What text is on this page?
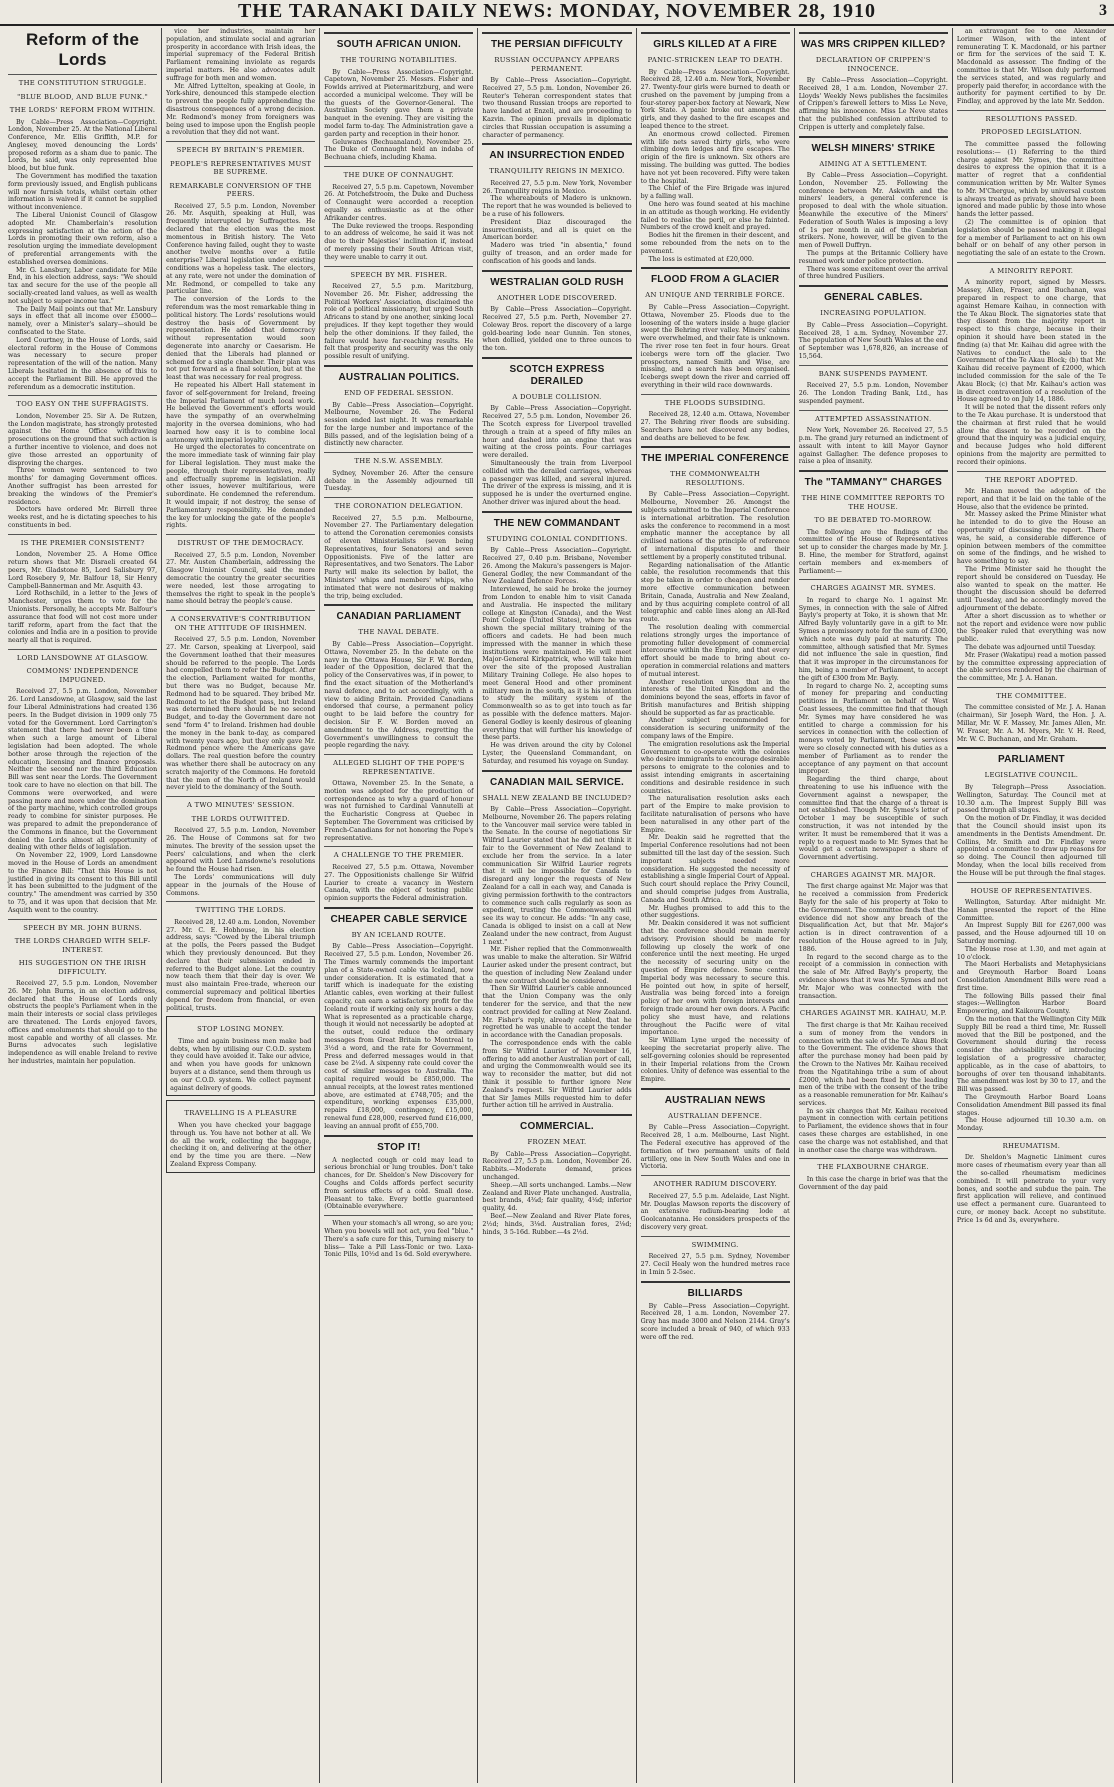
THE TARANAKI DAILY NEWS: MONDAY, NOVEMBER 28, 1910	3
Reform of the Lords
THE CONSTITUTION STRUGGLE.
"BLUE BLOOD, AND BLUE FUNK."
THE LORDS' REFORM FROM WITHIN.

By Cable—Press Association—Copyright. London, November 25. At the National Liberal Conference, Mr. Ellis Griffith, M.P. for Anglesey, moved denouncing the Lords' proposed reform as a sham due to panic. The Lords, he said, was only represented blue blood, but blue funk.

The Government has modified the taxation form previously issued, and English publicans will now furnish totals, whilst certain other information is waived if it cannot be supplied without inconvenience.

The Liberal Unionist Council of Glasgow adopted Mr. Chamberlain's resolution expressing satisfaction at the action of the Lords in promoting their own reform, also a resolution urging the immediate development of preferential arrangements with the established oversea dominions.

Mr. G. Lansbury, Labor candidate for Mile End, in his election address, says: "We should tax and secure for the use of the people all socially-created land values, as well as wealth not subject to super-income tax."

The Daily Mail points out that Mr. Lansbury says in effect that all income over £5000—namely, over a Minister's salary—should be confiscated to the State.

Lord Courtney, in the House of Lords, said electoral reform in the House of Commons was necessary to secure proper representation of the will of the nation. Many Liberals hesitated in the absence of this to accept the Parliament Bill. He approved the referendum as a democratic institution.

TOO EASY ON THE SUFFRAGISTS.

London, November 25. Sir A. De Rutzen, the London magistrate, has strongly protested against the Home Office withdrawing prosecutions on the ground that such action is a further incentive to violence, and does not give those arrested an opportunity of disproving the charges.

Three women were sentenced to two months' for damaging Government offices. Another suffragist has been arrested for breaking the windows of the Premier's residence.

Doctors have ordered Mr. Birrell three weeks rest, and he is dictating speeches to his constituents in bed.

IS THE PREMIER CONSISTENT?

London, November 25. A Home Office return shows that Mr. Disraeli created 64 peers, Mr. Gladstone 85, Lord Salisbury 97, Lord Rosebery 9, Mr. Balfour 18, Sir Henry Campbell-Bannerman and Mr. Asquith 43.

Lord Rothschild, in a letter to the Jews of Manchester, urges them to vote for the Unionists. Personally, he accepts Mr. Balfour's assurance that food will not cost more under tariff reform, apart from the fact that the colonies and India are in a position to provide nearly all that is required.

LORD LANSDOWNE AT GLASGOW.
COMMONS' INDEPENDENCE IMPUGNED.

Received 27, 5.5 p.m. London, November 26. Lord Lansdowne, at Glasgow, said the last four Liberal Administrations had created 136 peers. In the Budget division in 1909 only 75 voted for the Government. Lord Carrington's statement that there had never been a time when such a large amount of Liberal legislation had been adopted. The whole bother arose through the rejection of the education, licensing and finance proposals. Neither the second nor the third Education Bill was sent near the Lords. The Government took care to have no election on that bill. The Commons were overworked, and were passing more and more under the domination of the party machine, which controlled groups ready to combine for sinister purposes. He was prepared to admit the preponderance of the Commons in finance, but the Government denied the Lords almost all opportunity of dealing with other fields of legislation.

On November 22, 1909, Lord Lansdowne moved in the House of Lords an amendment to the Finance Bill: "That this House is not justified in giving its consent to this Bill until it has been submitted to the judgment of the country." The amendment was carried by 350 to 75, and it was upon that decision that Mr. Asquith went to the country.

SPEECH BY MR. JOHN BURNS.
THE LORDS CHARGED WITH SELF-INTEREST.
HIS SUGGESTION ON THE IRISH DIFFICULTY.

Received 27, 5.5 p.m. London, November 26. Mr. John Burns, in an election address, declared that the House of Lords only obstructs the people's Parliament when in the main their interests or social class privileges are threatened. The Lords enjoyed favors, offices and emoluments that should go to the most capable and worthy of all classes. Mr. Burns advocates such legislative independence as will enable Ireland to revive her industries, maintain her population.

vice her industries, maintain her population, and stimulate social and agrarian prosperity in accordance with Irish ideas, the imperial supremacy of the Federal British Parliament remaining inviolate as regards imperial matters. He also advocates adult suffrage for both men and women.

Mr. Alfred Lyttelton, speaking at Goole, in York-shire, denounced this stampede election to prevent the people fully apprehending the disastrous consequences of a wrong decision. Mr. Redmond's money from foreigners was being used to impose upon the English people a revolution that they did not want.

SPEECH BY BRITAIN'S PREMIER.
PEOPLE'S REPRESENTATIVES MUST BE SUPREME.
REMARKABLE CONVERSION OF THE PEERS.

Received 27, 5.5 p.m. London, November 26. Mr. Asquith, speaking at Hull, was frequently interrupted by Suffragettes. He declared that the election was the most momentous in British history. The Veto Conference having failed, ought they to waste another twelve months over a futile enterprise? Liberal legislation under existing conditions was a hopeless task. The electors, at any rate, were not under the domination of Mr. Redmond, or compelled to take any particular line.

The conversion of the Lords to the referendum was the most remarkable thing in political history. The Lords' resolutions would destroy the basis of Government by representation. He added that democracy without representation would soon degenerate into anarchy or Caesarism. He denied that the Liberals had planned or schemed for a single chamber. Their plan was not put forward as a final solution, but at the least that was necessary for real progress.

He repeated his Albert Hall statement in favor of self-government for Ireland, freeing the Imperial Parliament of much local work. He believed the Government's efforts would have the sympathy of an overwhelming majority in the oversea dominions, who had learned how easy it is to combine local autonomy with imperial loyalty.

He urged the electorates to concentrate on the more immediate task of winning fair play for Liberal legislation. They must make the people, through their representatives, really and effectually supreme in legislation. All other issues, however multifarious, were subordinate. He condemned the referendum. It would impair, if not destroy, the sense of Parliamentary responsibility. He demanded the key for unlocking the gate of the people's rights.

DISTRUST OF THE DEMOCRACY.

Received 27, 5.5 p.m. London, November 27. Mr. Austen Chamberlain, addressing the Glasgow Unionist Council, said the more democratic the country the greater securities were needed, lest those arrogating to themselves the right to speak in the people's name should betray the people's cause.

A CONSERVATIVE'S CONTRIBUTION ON THE ATTITUDE OF IRISHMEN.

Received 27, 5.5 p.m. London, November 27. Mr. Carson, speaking at Liverpool, said the Government loathed that their measures should be referred to the people. The Lords had compelled them to refer the Budget. After the election, Parliament waited for months, but there was no Budget, because Mr. Redmond had to be squared. They bribed Mr. Redmond to let the Budget pass, but Ireland was determined there should be no second Budget, and to-day the Government dare not send "form 4" to Ireland. Irishmen had double the money in the bank to-day, as compared with twenty years ago, but they only gave Mr. Redmond pence where the Americans gave dollars. The real question before the country was whether there shall be autocracy on any scratch majority of the Commons. He foretold that the men of the North of Ireland would never yield to the dominancy of the South.

A TWO MINUTES' SESSION.
THE LORDS OUTWITTED.

Received 27, 5.5 p.m. London, November 26. The House of Commons sat for two minutes. The brevity of the session upset the Peers' calculations, and when the clerk appeared with Lord Lansdowne's resolutions he found the House had risen.

The Lords' communications will duly appear in the journals of the House of Commons.

TWITTING THE LORDS.

Received 28, 12.40 a.m. London, November 27. Mr. C. E. Hobhouse, in his election address, says: "Cowed by the Liberal triumph at the polls, the Peers passed the Budget which they previously denounced. But they declare that their submission ended in referred to the Budget alone. Let the country now teach them that their day is over. We must also maintain Free-trade, whereon our commercial supremacy and political liberties depend for freedom from financial, or even political, trusts.

STOP LOSING MONEY.

Time and again business men make bad debts, when by utilising our C.O.D. system they could have avoided it. Take our advice, and when you have goods for unknown buyers at a distance, send them through us on our C.O.D. system. We collect payment against delivery of goods.

TRAVELLING IS A PLEASURE

When you have checked your baggage through us. You have not bother at all. We do all the work, collecting the baggage, checking it on, and delivering at the other end by the time you are there. —New Zealand Express Company.

SOUTH AFRICAN UNION.
THE TOURING NOTABILITIES.

By Cable—Press Association—Copyright. Capetown, November 25. Messrs. Fisher and Fowlds arrived at Pietermaritzburg, and were accorded a municipal welcome. They will be the guests of the Governor-General. The Australian Society gave them a private banquet in the evening. They are visiting the model farm to-day. The Administration gave a garden party and reception in their honor.

Geluwanes (Bechuanaland), November 25. The Duke of Connaught held an indaba of Bechuana chiefs, including Khama.

THE DUKE OF CONNAUGHT.

Received 27, 5.5 p.m. Capetown, November 26. At Potchefstroom, the Duke and Duchess of Connaught were accorded a reception equally as enthusiastic as at the other Afrikander centres.

The Duke reviewed the troops. Responding to an address of welcome, he said it was not due to their Majesties' inclination if, instead of merely passing their South African visit, they were unable to carry it out.

SPEECH BY MR. FISHER.

Received 27, 5.5 p.m. Maritzburg, November 26. Mr. Fisher, addressing the Political Workers' Association, disclaimed the role of a political missionary, but urged South Africans to stand by one another, sinking local prejudices. If they kept together they would help the other dominions. If they failed, the failure would have far-reaching results. He felt that prosperity and security was the only possible result of unifying.

AUSTRALIAN POLITICS.
END OF FEDERAL SESSION.

By Cable—Press Association—Copyright. Melbourne, November 26. The Federal session ended last night. It was remarkable for the large number and importance of the Bills passed, and of the legislation being of a distinctly new character.

THE N.S.W. ASSEMBLY.

Sydney, November 26. After the censure debate in the Assembly adjourned till Tuesday.

THE CORONATION DELEGATION.

Received 27, 5.5 p.m. Melbourne, November 27. The Parliamentary delegation to attend the Coronation ceremonies consists of eleven Ministerialists (seven being Representatives, four Senators) and seven Oppositionists. Five of the latter are Representatives, and two Senators. The Labor Party will make its selection by ballot, the Ministers' whips and members' whips, who intimated that were not desirous of making the trip, being excluded.

CANADIAN PARLIAMENT
THE NAVAL DEBATE.

By Cable—Press Association—Copyright. Ottawa, November 25. In the debate on the navy in the Ottawa House, Sir F. W. Borden, leader of the Opposition, declared that the policy of the Conservatives was, if in power, to find the exact situation of the Motherland's naval defence, and to act accordingly, with a view to aiding Britain. Provided Canadians endorsed that course, a permanent policy ought to be laid before the country for decision. Sir F. W. Borden moved an amendment to the Address, regretting the Government's unwillingness to consult the people regarding the navy.

ALLEGED SLIGHT OF THE POPE'S REPRESENTATIVE.

Ottawa, November 25. In the Senate, a motion was adopted for the production of correspondence as to why a guard of honour was not furnished to Cardinal Vannutelli at the Eucharistic Congress at Quebec in September. The Government was criticised by French-Canadians for not honoring the Pope's representative.

A CHALLENGE TO THE PREMIER.

Received 27, 5.5 p.m. Ottawa, November 27. The Oppositionists challenge Sir Wilfrid Laurier to create a vacancy in Western Canada, with the object of testing public opinion supports the Federal administration.

CHEAPER CABLE SERVICE
BY AN ICELAND ROUTE.

By Cable—Press Association—Copyright. Received 27, 5.5 p.m. London, November 26. The Times warmly commends the important plan of a State-owned cable via Iceland, now under consideration. It is estimated that a tariff which is inadequate for the existing Atlantic cables, even working at their fullest capacity, can earn a satisfactory profit for the Iceland route if working only six hours a day. What is represented as a practicable charge, though it would not necessarily be adopted at the outset, could reduce the ordinary messages from Great Britain to Montreal to 3½d a word, and the rate for Government, Press and deferred messages would in that case be 2¼d. A sixpenny rate could cover the cost of similar messages to Australia. The capital required would be £850,000. The annual receipts, at the lowest rates mentioned above, are estimated at £748,705; and the expenditure, working expenses £35,000, repairs £18,000, contingency, £15,000, renewal fund £28,000, reserved fund £16,000, leaving an annual profit of £55,700.

STOP IT!

A neglected cough or cold may lead to serious bronchial or lung troubles. Don't take chances, for Dr. Sheldon's New Discovery for Coughs and Colds affords perfect security from serious effects of a cold. Small dose. Pleasant to take. Every bottle guaranteed (Obtainable everywhere.

When your stomach's all wrong, so are you; When you bowels will not act, you feel "blue." There's a safe cure for this, Turning misery to bliss— Take a Pill Lass-Tonic or two. Laxa-Tonic Pills, 10½d and 1s 6d. Sold everywhere.

THE PERSIAN DIFFICULTY
RUSSIAN OCCUPANCY APPEARS PERMANENT.

By Cable—Press Association—Copyright. Received 27, 5.5 p.m. London, November 26. Reuter's Teheran correspondent states that two thousand Russian troops are reported to have landed at Enzeli, and are proceeding to Kazvin. The opinion prevails in diplomatic circles that Russian occupation is assuming a character of permanency.

AN INSURRECTION ENDED
TRANQUILITY REIGNS IN MEXICO.

Received 27, 5.5 p.m. New York, November 26. Tranquility reigns in Mexico.

The whereabouts of Madero is unknown. The report that he was wounded is believed to be a ruse of his followers.

President Diaz discouraged the insurrectionists, and all is quiet on the American border.

Madero was tried "in absentia," found guilty of treason, and an order made for confiscation of his goods and lands.

WESTRALIAN GOLD RUSH
ANOTHER LODE DISCOVERED.

By Cable—Press Association—Copyright. Received 27, 5.5 p.m. Perth, November 27. Coleway Bros. report the discovery of a large gold-bearing lode near Gunnin. Ten stones, when dollied, yielded one to three ounces to the ton.

SCOTCH EXPRESS DERAILED
A DOUBLE COLLISION.

By Cable—Press Association—Copyright. Received 27, 5.5 p.m. London, November 26. The Scotch express for Liverpool travelled through a train at a speed of fifty miles an hour and dashed into an engine that was waiting at the cross points. Four carriages were derailed.

Simultaneously the train from Liverpool collided with the derailed carriages, whereas a passenger was killed, and several injured. The driver of the express is missing, and it is supposed he is under the overturned engine. Another driver was injured about the head.

THE NEW COMMANDANT
STUDYING COLONIAL CONDITIONS.

By Cable—Press Association—Copyright. Received 27, 0.40 p.m. Brisbane, November 26. Among the Makura's passengers is Major-General Godley, the new Commandant of the New Zealand Defence Forces.

Interviewed, he said he broke the journey from London to enable him to visit Canada and Australia. He inspected the military college at Kingston (Canada), and the West Point College (United States), where he was shown the special military training of the officers and cadets. He had been much impressed with the manner in which these institutions were maintained. He will meet Major-General Kirkpatrick, who will take him over the site of the proposed Australian Military Training College. He also hopes to meet General Hood and other prominent military men in the south, as it is his intention to study the military system of the Commonwealth so as to get into touch as far as possible with the defence matters. Major-General Godley is keenly desirous of gleaning everything that will further his knowledge of these parts.

He was driven around the city by Colonel Lyster, the Queensland Commandant, on Saturday, and resumed his voyage on Sunday.

CANADIAN MAIL SERVICE.
SHALL NEW ZEALAND BE INCLUDED?

By Cable—Press Association—Copyright. Melbourne, November 26. The papers relating to the Vancouver mail service were tabled in the Senate. In the course of negotiations Sir Wilfrid Laurier stated that he did not think it fair to the Government of New Zealand to exclude her from the service. In a later communication Sir Wilfrid Laurier regrets that it will be impossible for Canada to disregard any longer the requests of New Zealand for a call in each way, and Canada is giving permission forthwith to the contractors to commence such calls regularly as soon as expedient, trusting the Commonwealth will see its way to concur. He adds: "In any case, Canada is obliged to insist on a call at New Zealand under the new contract, from August 1 next."

Mr. Fisher replied that the Commonwealth was unable to make the alteration. Sir Wilfrid Laurier asked under the present contract, but the question of including New Zealand under the new contract should be considered.

Then Sir Wilfrid Laurier's cable announced that the Union Company was the only tenderer for the service, and that the new contract provided for calling at New Zealand. Mr. Fisher's reply, already cabled, that he regretted he was unable to accept the tender in accordance with the Canadian proposals.

The correspondence ends with the cable from Sir Wilfrid Laurier of November 16, offering to add another Australian port of call, and urging the Commonwealth would see its way to reconsider the matter, but did not think it possible to further ignore New Zealand's request. Sir Wilfrid Laurier adds that Sir James Mills requested him to defer further action till he arrived in Australia.

COMMERCIAL.
FROZEN MEAT.

By Cable—Press Association—Copyright. Received 27, 5.5 p.m. London, November 26. Rabbits.—Moderate demand, prices unchanged.

Sheep.—All sorts unchanged. Lambs.—New Zealand and River Plate unchanged. Australia, best brands, 4¾d; fair quality, 4¼d; inferior quality, 4d.

Beef.—New Zealand and River Plate fores, 2½d; hinds, 3⅛d. Australian fores, 2⅛d; hinds, 3 5-16d. Rubber.—4s 2½d.

GIRLS KILLED AT A FIRE
PANIC-STRICKEN LEAP TO DEATH.

By Cable—Press Association—Copyright. Received 28, 12.40 a.m. New York, November 27. Twenty-four girls were burned to death or crushed on the pavement by jumping from a four-storey paper-box factory at Newark, New York State. A panic broke out amongst the girls, and they dashed to the fire escapes and leaped thence to the street.

An enormous crowd collected. Firemen with life nets saved thirty girls, who were climbing down ledges and fire escapes. The origin of the fire is unknown. Six others are missing. The building was gutted. The bodies have not yet been recovered. Fifty were taken to the hospital.

The Chief of the Fire Brigade was injured by a falling wall.

One hero was found seated at his machine in an attitude as though working. He evidently failed to realise the peril, or else he fainted. Numbers of the crowd knelt and prayed.

Bodies hit the firemen in their descent, and some rebounded from the nets on to the pavement.

The loss is estimated at £20,000.

FLOOD FROM A GLACIER
AN UNIQUE AND TERRIBLE FORCE.

By Cable—Press Association—Copyright. Ottawa, November 25. Floods due to the loosening of the waters inside a huge glacier swept the Behring river valley. Miners' cabins were overwhelmed, and their fate is unknown. The river rose ten feet in four hours. Great icebergs were torn off the glacier. Two prospectors, named Smith and Wise, are missing, and a search has been organised. Icebergs swept down the river and carried off everything in their wild race downwards.

THE FLOODS SUBSIDING.

Received 28, 12.40 a.m. Ottawa, November 27. The Behring river floods are subsiding. Searchers have not discovered any bodies, and deaths are believed to be few.

THE IMPERIAL CONFERENCE
THE COMMONWEALTH RESOLUTIONS.

By Cable—Press Association—Copyright. Melbourne, November 26. Amongst the subjects submitted to the Imperial Conference is international arbitration. The resolution asks the conference to recommend in a most emphatic manner the acceptance by all civilised nations of the principle of reference of international disputes to and their settlement by a properly constituted tribunal.

Regarding nationalisation of the Atlantic cable, the resolution recommends that this step be taken in order to cheapen and render more effective communication between Britain, Canada, Australia and New Zealand, and by thus acquiring complete control of all telegraphic and cable lines along an All-Red route.

The resolution dealing with commercial relations strongly urges the importance of promoting fuller development of commercial intercourse within the Empire, and that every effort should be made to bring about co-operation in commercial relations and matters of mutual interest.

Another resolution urges that in the interests of the United Kingdom and the dominions beyond the seas, efforts in favor of British manufactures and British shipping should be supported as far as practicable.

Another subject recommended for consideration is securing uniformity of the company laws of the Empire.

The emigration resolutions ask the Imperial Government to co-operate with the colonies who desire immigrants to encourage desirable persons to emigrate to the colonies and to assist intending emigrants in ascertaining conditions and desirable residence in such countries.

The naturalisation resolution asks each part of the Empire to make provision to facilitate naturalisation of persons who have been naturalised in any other part of the Empire.

Mr. Deakin said he regretted that the Imperial Conference resolutions had not been submitted till the last day of the session. Such important subjects needed more consideration. He suggested the necessity of establishing a single Imperial Court of Appeal. Such court should replace the Privy Council, and should comprise judges from Australia, Canada and South Africa.

Mr. Hughes promised to add this to the other suggestions.

Mr. Deakin considered it was not sufficient that the conference should remain merely advisory. Provision should be made for following up closely the work of one conference until the next meeting. He urged the necessity of securing unity on the question of Empire defence. Some central Imperial body was necessary to secure this. He pointed out how, in spite of herself, Australia was being forced into a foreign policy of her own with foreign interests and foreign trade around her own doors. A Pacific policy she must have, and relations throughout the Pacific were of vital importance.

Sir William Lyne urged the necessity of keeping the secretariat properly alive. The self-governing colonies should be represented in their Imperial relations from the Crown colonies. Unity of defence was essential to the Empire.

AUSTRALIAN NEWS
AUSTRALIAN DEFENCE.

By Cable—Press Association—Copyright. Received 28, 1 a.m. Melbourne, Last Night. The Federal executive has approved of the formation of two permanent units of field artillery, one in New South Wales and one in Victoria.

ANOTHER RADIUM DISCOVERY.

Received 27, 5.5 p.m. Adelaide, Last Night. Mr. Douglas Mawson reports the discovery of an extensive radium-bearing lode at Goolcanatanna. He considers prospects of the discovery very great.

SWIMMING.

Received 27, 5.5 p.m. Sydney, November 27. Cecil Healy won the hundred metres race in 1min 5 2-5sec.

BILLIARDS

By Cable—Press Association—Copyright. Received 28, 1 a.m. London, November 27. Gray has made 3000 and Nelson 2144. Gray's score included a break of 940, of which 933 were off the red.

WAS MRS CRIPPEN KILLED?
DECLARATION OF CRIPPEN'S INNOCENCE.

By Cable—Press Association—Copyright. Received 28, 1 a.m. London, November 27. Lloyds' Weekly News publishes the facsimiles of Crippen's farewell letters to Miss Le Neve, affirming his innocence. Miss Le Neve states that the published confession attributed to Crippen is utterly and completely false.

WELSH MINERS' STRIKE
AIMING AT A SETTLEMENT.

By Cable—Press Association—Copyright. London, November 25. Following the conference between Mr. Askwith and the miners' leaders, a general conference is proposed to deal with the whole situation. Meanwhile the executive of the Miners' Federation of South Wales is imposing a levy of 1s per month in aid of the Cambrian strikers. None, however, will be given to the men of Powell Duffryn.

The pumps at the Britannic Colliery have resumed work under police protection.

There was some excitement over the arrival of three hundred Fusiliers.

GENERAL CABLES.
INCREASING POPULATION.

By Cable—Press Association—Copyright. Received 28, 1 a.m. Sydney, November 27. The population of New South Wales at the end of September was 1,678,826, an increase of 15,564.

BANK SUSPENDS PAYMENT.

Received 27, 5.5 p.m. London, November 26. The London Trading Bank, Ltd., has suspended payment.

ATTEMPTED ASSASSINATION.

New York, November 26. Received 27, 5.5 p.m. The grand jury returned an indictment of assault with intent to kill Mayor Gaynor against Gallagher. The defence proposes to raise a plea of insanity.

The "TAMMANY" CHARGES
THE HINE COMMITTEE REPORTS TO THE HOUSE.
TO BE DEBATED TO-MORROW.

The following are the findings of the committee of the House of Representatives set up to consider the charges made by Mr. J. B. Hine, the member for Stratford, against certain members and ex-members of Parliament:—

CHARGES AGAINST MR. SYMES.

In regard to charge No. 1 against Mr. Symes, in connection with the sale of Alfred Bayly's property at Toko, it is shown that Mr. Alfred Bayly voluntarily gave in a gift to Mr. Symes a promissory note for the sum of £300, which note was duly paid at maturity. The committee, although satisfied that Mr. Symes did not influence the sale in question, find that it was improper in the circumstances for him, being a member of Parliament, to accept the gift of £300 from Mr. Bayly.

In regard to charge No. 2, accepting sums of money for preparing and conducting petitions in Parliament on behalf of West Coast lessees, the committee find that though Mr. Symes may have considered he was entitled to charge a commission for his services in connection with the collection of moneys voted by Parliament, these services were so closely connected with his duties as a member of Parliament as to render the acceptance of any payment on that account improper.

Regarding the third charge, about threatening to use his influence with the Government against a newspaper, the committee find that the charge of a threat is not established. Though Mr. Symes's letter of October 1 may be susceptible of such construction, it was not intended by the writer. It must be remembered that it was a reply to a request made to Mr. Symes that he would get a certain newspaper a share of Government advertising.

CHARGES AGAINST MR. MAJOR.

The first charge against Mr. Major was that he received a commission from Frederick Bayly for the sale of his property at Toko to the Government. The committee finds that the evidence did not show any breach of the Disqualification Act, but that Mr. Major's action is in direct contravention of a resolution of the House agreed to in July, 1886.

In regard to the second charge as to the receipt of a commission in connection with the sale of Mr. Alfred Bayly's property, the evidence shows that it was Mr. Symes and not Mr. Major who was connected with the transaction.

CHARGES AGAINST MR. KAIHAU, M.P.

The first charge is that Mr. Kaihau received a sum of money from the vendors in connection with the sale of the Te Akau Block to the Government. The evidence shows that after the purchase money had been paid by the Crown to the Natives Mr. Kaihau received from the Ngatitahinga tribe a sum of about £2000, which had been fixed by the leading men of the tribe with the consent of the tribe as a reasonable remuneration for Mr. Kaihau's services.

In so six charges that Mr. Kaihau received payment in connection with certain petitions to Parliament, the evidence shows that in four cases these charges are established, in one case the charge was not established, and that in another case the charge was withdrawn.

THE FLAXBOURNE CHARGE.

In this case the charge in brief was that the Government of the day paid

an extravagant fee to one Alexander Lorimer Wilson, with the intent of remunerating T. K. Macdonald, or his partner or firm for the services of the said T. K. Macdonald as assessor. The finding of the committee is that Mr. Wilson duly performed the services stated, and was regularly and properly paid therefor, in accordance with the authority for payment certified to by Dr. Findlay, and approved by the late Mr. Seddon.

RESOLUTIONS PASSED.
PROPOSED LEGISLATION.

The committee passed the following resolutions:— (1) Referring to the third charge against Mr. Symes, the committee desires to express the opinion that it is a matter of regret that a confidential communication written by Mr. Walter Symes to Mr. M'Chergue, which by universal custom is always treated as private, should have been ignored and made public by those into whose hands the letter passed.

(2) The committee is of opinion that legislation should be passed making it illegal for a member of Parliament to act on his own behalf or on behalf of any other person in negotiating the sale of an estate to the Crown.

A MINORITY REPORT.

A minority report, signed by Messrs. Massey, Allen, Fraser, and Buchanan, was prepared in respect to one charge, that against Hemare Kaihau, in connection with the Te Akau Block. The signatories state that they dissent from the majority report in respect to this charge, because in their opinion it should have been stated in the finding (a) that Mr. Kaihau did agree with the Natives to conduct the sale to the Government of the Te Akau Block; (b) that Mr. Kaihau did receive payment of £2000, which included commission for the sale of the Te Akau Block; (c) that Mr. Kaihau's action was in direct contravention of a resolution of the House agreed to on July 14, 1886.

It will be noted that the dissent refers only to the Te Akau purchase. It is understood that the chairman at first ruled that he would allow the dissent to be recorded on the ground that the inquiry was a judicial enquiry, and because Judges who hold different opinions from the majority are permitted to record their opinions.

THE REPORT ADOPTED.

Mr. Hanan moved the adoption of the report, and that it be laid on the table of the House, also that the evidence be printed.

Mr. Massey asked the Prime Minister what he intended to do to give the House an opportunity of discussing the report. There was, he said, a considerable difference of opinion between members of the committee on some of the findings, and he wished to have something to say.

The Prime Minister said he thought the report should be considered on Tuesday. He also wanted to speak on the matter. He thought the discussion should be deferred until Tuesday, and he accordingly moved the adjournment of the debate.

After a short discussion as to whether or not the report and evidence were now public the Speaker ruled that everything was now public.

The debate was adjourned until Tuesday.

Mr. Fraser (Wakatipu) read a motion passed by the committee expressing appreciation of the able services rendered by the chairman of the committee, Mr. J. A. Hanan.

THE COMMITTEE.

The committee consisted of Mr. J. A. Hanan (chairman), Sir Joseph Ward, the Hon. J. A. Millar, Mr. W. F. Massey, Mr. James Allen, Mr. W. Fraser, Mr. A. M. Myers, Mr. V. H. Reed, Mr. W. C. Buchanan, and Mr. Graham.

PARLIAMENT
LEGISLATIVE COUNCIL.

By Telegraph—Press Association. Wellington, Saturday. The Council met at 10.30 a.m. The Imprest Supply Bill was passed through all stages.

On the motion of Dr. Findlay, it was decided that the Council should insist upon its amendments in the Dentists Amendment. Dr. Collins, Mr. Smith and Dr. Findlay were appointed a committee to draw up reasons for so doing. The Council then adjourned till Monday, when the local bills received from the House will be put through the final stages.

HOUSE OF REPRESENTATIVES.

Wellington, Saturday. After midnight Mr. Hanan presented the report of the Hine Committee.

An Imprest Supply Bill for £267,000 was passed, and the House adjourned till 10 on Saturday morning.

The House rose at 1.30, and met again at 10 o'clock.

The Maori Herbalists and Metaphysicians and Greymouth Harbor Board Loans Consolidation Amendment Bills were read a first time.

The following Bills passed their final stages:—Wellington Harbor Board Empowering, and Kaikoura County.

On the motion that the Wellington City Milk Supply Bill be read a third time, Mr. Russell moved that the Bill be postponed, and the Government should during the recess consider the advisability of introducing legislation of a progressive character, applicable, as in the case of abattoirs, to boroughs of over ten thousand inhabitants. The amendment was lost by 30 to 17, and the Bill was passed.

The Greymouth Harbor Board Loans Consolidation Amendment Bill passed its final stages.

The House adjourned till 10.30 a.m. on Monday.

RHEUMATISM.

Dr. Sheldon's Magnetic Liniment cures more cases of rheumatism every year than all the so-called rheumatism medicines combined. It will penetrate to your very bones, and soothe and subdue the pain. The first application will relieve, and continued use effect a permanent cure. Guaranteed to cure, or money back. Accept no substitute. Price 1s 6d and 3s, everywhere.
